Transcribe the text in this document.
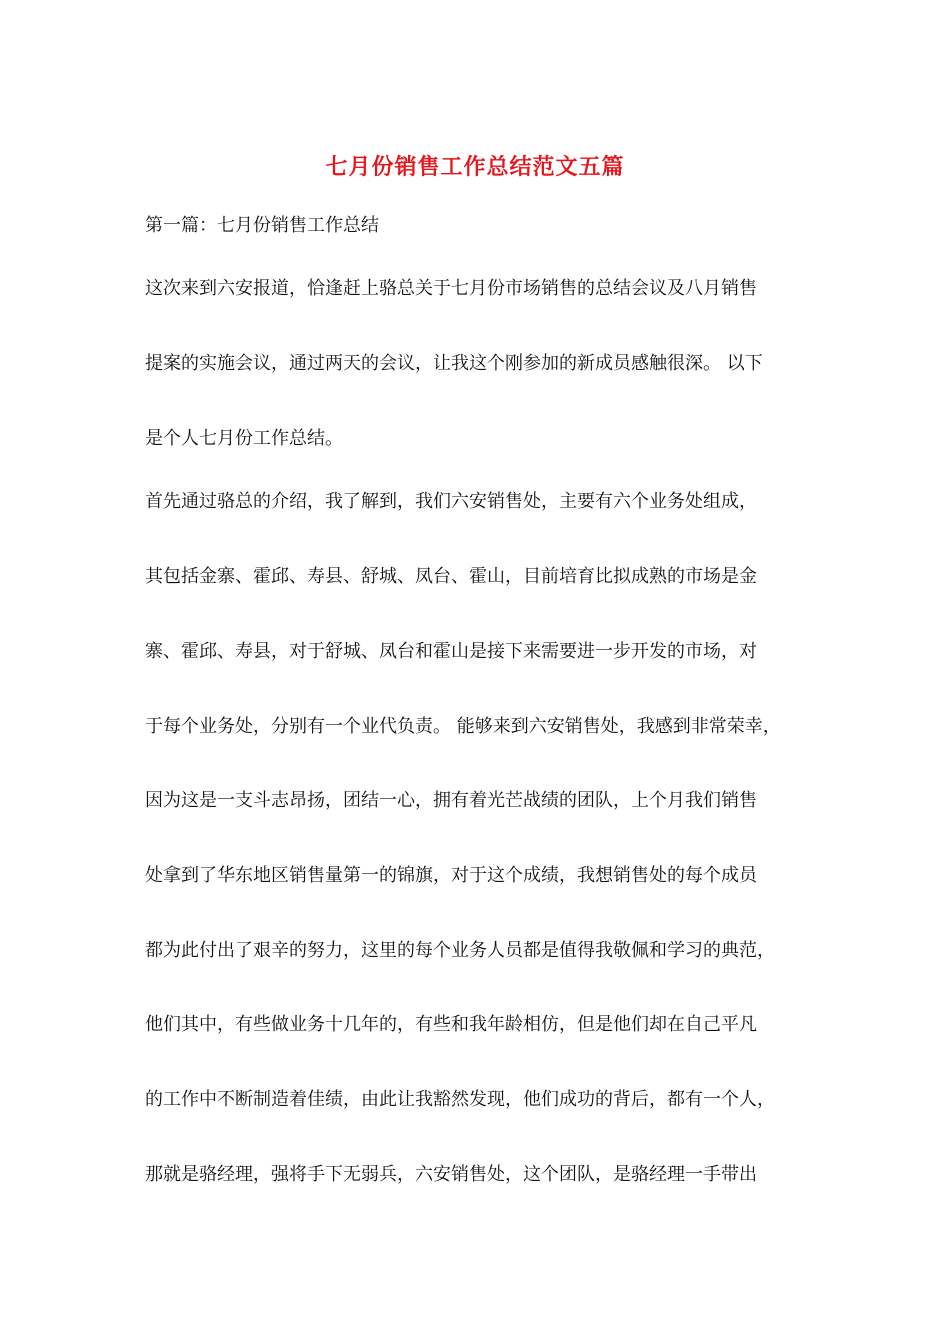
七月份销售工作总结范文五篇
第一篇：七月份销售工作总结
这次来到六安报道，恰逢赶上骆总关于七月份市场销售的总结会议及八月销售
提案的实施会议，通过两天的会议，让我这个刚参加的新成员感触很深。 以下
是个人七月份工作总结。
首先通过骆总的介绍，我了解到，我们六安销售处，主要有六个业务处组成，
其包括金寨、霍邱、寿县、舒城、凤台、霍山，目前培育比拟成熟的市场是金
寨、霍邱、寿县，对于舒城、凤台和霍山是接下来需要进一步开发的市场，对
于每个业务处，分别有一个业代负责。 能够来到六安销售处，我感到非常荣幸，
因为这是一支斗志昂扬，团结一心，拥有着光芒战绩的团队，上个月我们销售
处拿到了华东地区销售量第一的锦旗，对于这个成绩，我想销售处的每个成员
都为此付出了艰辛的努力，这里的每个业务人员都是值得我敬佩和学习的典范，
他们其中，有些做业务十几年的，有些和我年龄相仿，但是他们却在自己平凡
的工作中不断制造着佳绩，由此让我豁然发现，他们成功的背后，都有一个人，
那就是骆经理，强将手下无弱兵，六安销售处，这个团队，是骆经理一手带出
